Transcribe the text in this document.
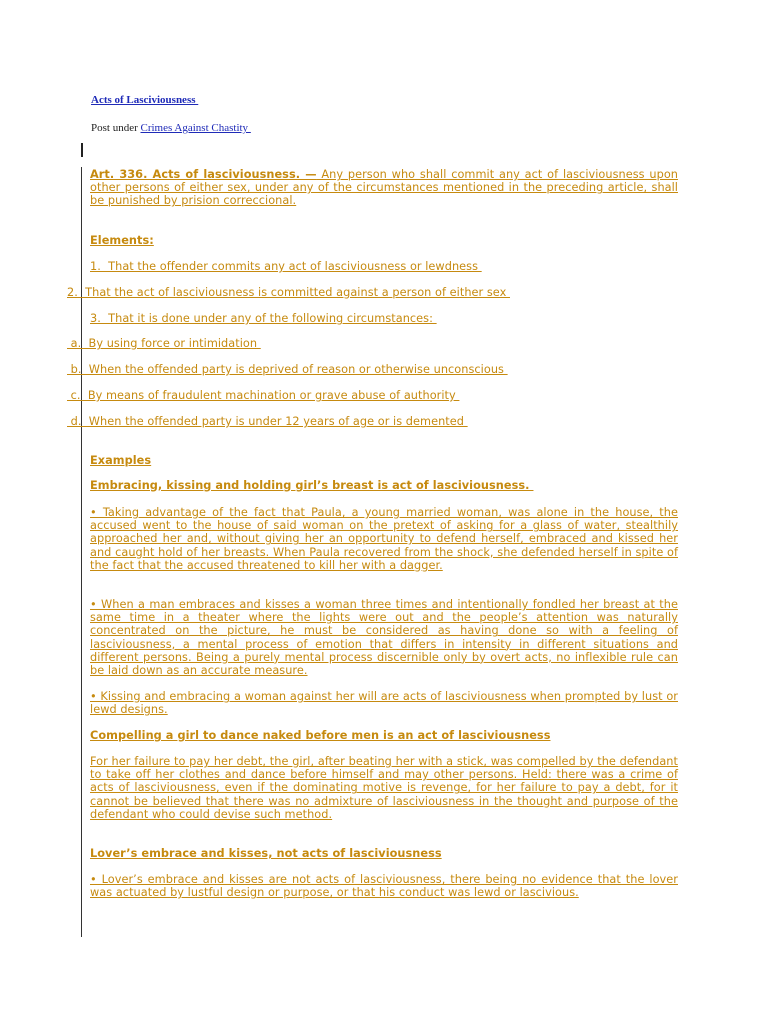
Acts of Lasciviousness
Post under Crimes Against Chastity
Art. 336. Acts of lasciviousness. — Any person who shall commit any act of lasciviousness upon other persons of either sex, under any of the circumstances mentioned in the preceding article, shall be punished by prision correccional.
Elements:
1.  That the offender commits any act of lasciviousness or lewdness
2.  That the act of lasciviousness is committed against a person of either sex
3.  That it is done under any of the following circumstances:
a.  By using force or intimidation
b.  When the offended party is deprived of reason or otherwise unconscious
c.  By means of fraudulent machination or grave abuse of authority
d.  When the offended party is under 12 years of age or is demented
Examples
Embracing, kissing and holding girl’s breast is act of lasciviousness.
• Taking advantage of the fact that Paula, a young married woman, was alone in the house, the accused went to the house of said woman on the pretext of asking for a glass of water, stealthily approached her and, without giving her an opportunity to defend herself, embraced and kissed her and caught hold of her breasts. When Paula recovered from the shock, she defended herself in spite of the fact that the accused threatened to kill her with a dagger.
• When a man embraces and kisses a woman three times and intentionally fondled her breast at the same time in a theater where the lights were out and the people’s attention was naturally concentrated on the picture, he must be considered as having done so with a feeling of lasciviousness, a mental process of emotion that differs in intensity in different situations and different persons. Being a purely mental process discernible only by overt acts, no inflexible rule can be laid down as an accurate measure.
• Kissing and embracing a woman against her will are acts of lasciviousness when prompted by lust or lewd designs.
Compelling a girl to dance naked before men is an act of lasciviousness
For her failure to pay her debt, the girl, after beating her with a stick, was compelled by the defendant to take off her clothes and dance before himself and may other persons. Held: there was a crime of acts of lasciviousness, even if the dominating motive is revenge, for her failure to pay a debt, for it cannot be believed that there was no admixture of lasciviousness in the thought and purpose of the defendant who could devise such method.
Lover’s embrace and kisses, not acts of lasciviousness
• Lover’s embrace and kisses are not acts of lasciviousness, there being no evidence that the lover was actuated by lustful design or purpose, or that his conduct was lewd or lascivious.
